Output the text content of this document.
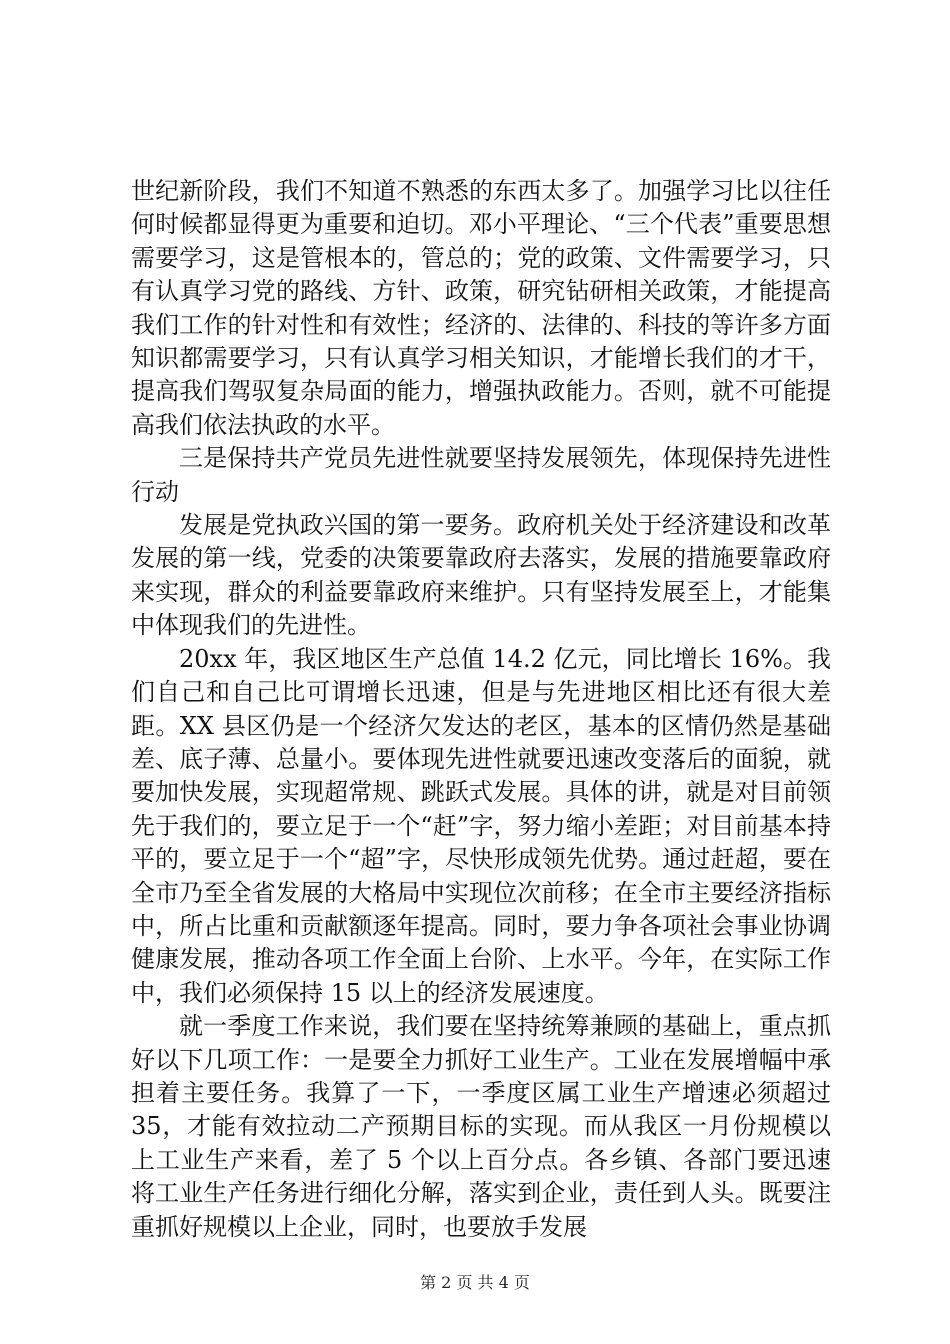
世纪新阶段，我们不知道不熟悉的东西太多了。加强学习比以往任何时候都显得更为重要和迫切。邓小平理论、“三个代表”重要思想需要学习，这是管根本的，管总的；党的政策、文件需要学习，只有认真学习党的路线、方针、政策，研究钻研相关政策，才能提高我们工作的针对性和有效性；经济的、法律的、科技的等许多方面知识都需要学习，只有认真学习相关知识，才能增长我们的才干，提高我们驾驭复杂局面的能力，增强执政能力。否则，就不可能提高我们依法执政的水平。

三是保持共产党员先进性就要坚持发展领先，体现保持先进性行动

发展是党执政兴国的第一要务。政府机关处于经济建设和改革发展的第一线，党委的决策要靠政府去落实，发展的措施要靠政府来实现，群众的利益要靠政府来维护。只有坚持发展至上，才能集中体现我们的先进性。

20xx 年，我区地区生产总值 14.2 亿元，同比增长 16%。我们自己和自己比可谓增长迅速，但是与先进地区相比还有很大差距。XX 县区仍是一个经济欠发达的老区，基本的区情仍然是基础差、底子薄、总量小。要体现先进性就要迅速改变落后的面貌，就要加快发展，实现超常规、跳跃式发展。具体的讲，就是对目前领先于我们的，要立足于一个“赶”字，努力缩小差距；对目前基本持平的，要立足于一个“超”字，尽快形成领先优势。通过赶超，要在全市乃至全省发展的大格局中实现位次前移；在全市主要经济指标中，所占比重和贡献额逐年提高。同时，要力争各项社会事业协调健康发展，推动各项工作全面上台阶、上水平。今年，在实际工作中，我们必须保持 15 以上的经济发展速度。

就一季度工作来说，我们要在坚持统筹兼顾的基础上，重点抓好以下几项工作：一是要全力抓好工业生产。工业在发展增幅中承担着主要任务。我算了一下，一季度区属工业生产增速必须超过 35，才能有效拉动二产预期目标的实现。而从我区一月份规模以上工业生产来看，差了 5 个以上百分点。各乡镇、各部门要迅速将工业生产任务进行细化分解，落实到企业，责任到人头。既要注重抓好规模以上企业，同时，也要放手发展

第 2 页 共 4 页
